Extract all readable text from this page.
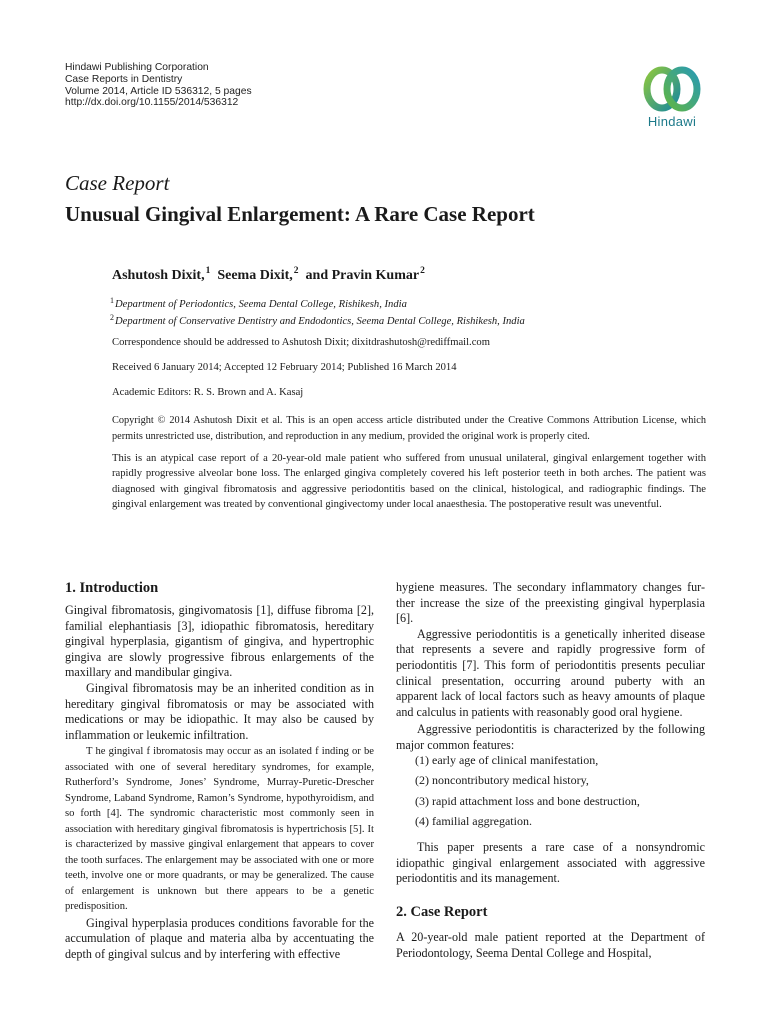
Hindawi Publishing Corporation
Case Reports in Dentistry
Volume 2014, Article ID 536312, 5 pages
http://dx.doi.org/10.1155/2014/536312
Hindawi
Case Report
Unusual Gingival Enlargement: A Rare Case Report
Ashutosh Dixit,$^1$ Seema Dixit,$^2$ and Pravin Kumar$^2$
$^1$Department of Periodontics, Seema Dental College, Rishikesh, India
$^2$Department of Conservative Dentistry and Endodontics, Seema Dental College, Rishikesh, India
Correspondence should be addressed to Ashutosh Dixit; dixitdrashutosh@rediffmail.com
Received 6 January 2014; Accepted 12 February 2014; Published 16 March 2014
Academic Editors: R. S. Brown and A. Kasaj
Copyright © 2014 Ashutosh Dixit et al. This is an open access article distributed under the Creative Commons Attribution License, which permits unrestricted use, distribution, and reproduction in any medium, provided the original work is properly cited.
This is an atypical case report of a 20-year-old male patient who suffered from unusual unilateral, gingival enlargement together with rapidly progressive alveolar bone loss. The enlarged gingiva completely covered his left posterior teeth in both arches. The patient was diagnosed with gingival fibromatosis and aggressive periodontitis based on the clinical, histological, and radiographic findings. The gingival enlargement was treated by conventional gingivectomy under local anaesthesia. The postoperative result was uneventful.
1. Introduction

Gingival fibromatosis, gingivomatosis [1], diffuse fibroma [2], familial elephantiasis [3], idiopathic fibromatosis, hereditary gingival hyperplasia, gigantism of gingiva, and hypertrophic gingiva are slowly progressive fibrous enlargements of the maxillary and mandibular gingiva.

Gingival fibromatosis may be an inherited condition as in hereditary gingival fibromatosis or may be associated with medications or may be idiopathic. It may also be caused by inflammation or leukemic infiltration.

T he gingival f ibromatosis may occur as an isolated f inding or be associated with one of several hereditary syndromes, for example, Rutherford’s Syndrome, Jones’ Syndrome, Murray-Puretic-Drescher Syndrome, Laband Syndrome, Ramon’s Syndrome, hypothyroidism, and so forth [4]. The syndromic characteristic most commonly seen in association with hereditary gingival fibromatosis is hypertrichosis [5]. It is characterized by massive gingival enlargement that appears to cover the tooth surfaces. The enlargement may be associated with one or more teeth, involve one or more quadrants, or may be generalized. The cause of enlargement is unknown but there appears to be a genetic predisposition.

Gingival hyperplasia produces conditions favorable for the accumulation of plaque and materia alba by accentuating the depth of gingival sulcus and by interfering with effective

hygiene measures. The secondary inflammatory changes fur-ther increase the size of the preexisting gingival hyperplasia [6].

Aggressive periodontitis is a genetically inherited disease that represents a severe and rapidly progressive form of periodontitis [7]. This form of periodontitis presents peculiar clinical presentation, occurring around puberty with an apparent lack of local factors such as heavy amounts of plaque and calculus in patients with reasonably good oral hygiene.

Aggressive periodontitis is characterized by the following major common features:

(1) early age of clinical manifestation,
(2) noncontributory medical history,
(3) rapid attachment loss and bone destruction,
(4) familial aggregation.
This paper presents a rare case of a nonsyndromic idiopathic gingival enlargement associated with aggressive periodontitis and its management.
2. Case Report
A 20-year-old male patient reported at the Department of Periodontology, Seema Dental College and Hospital,
